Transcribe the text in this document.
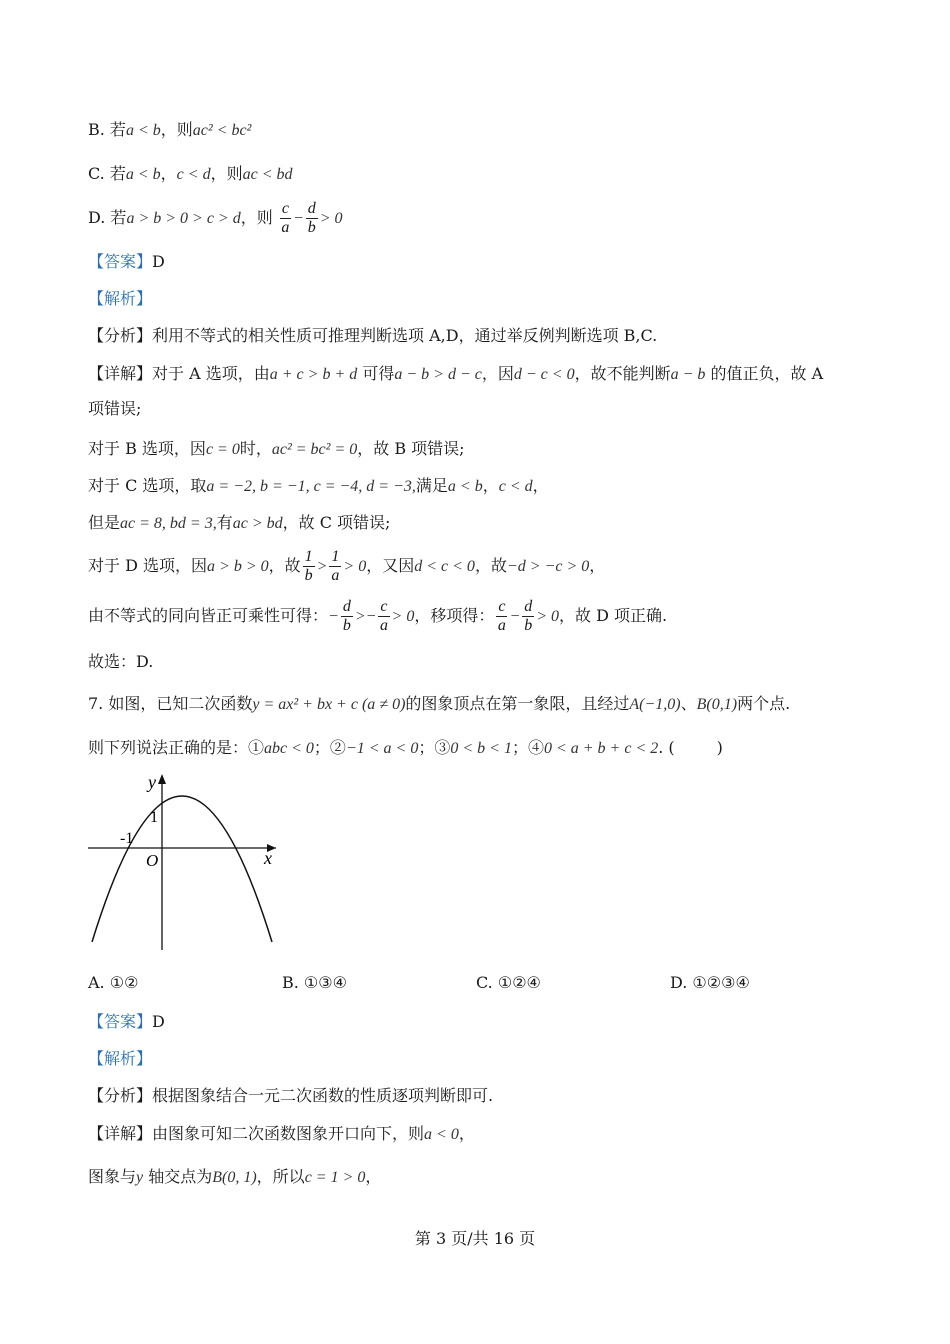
B. 若a < b，则ac² < bc²
C. 若a < b，c < d，则ac < bd
D. 若a > b > 0 > c > d，则 $\frac{c}{a} - \frac{d}{b} > 0$
【答案】D
【解析】
【分析】利用不等式的相关性质可推理判断选项 A,D，通过举反例判断选项 B,C.
【详解】对于 A 选项，由a + c > b + d 可得a − b > d − c，因d − c < 0，故不能判断a − b 的值正负，故 A
项错误;
对于 B 选项，因c = 0时，ac² = bc² = 0，故 B 项错误;
对于 C 选项，取a = −2, b = −1, c = −4, d = −3,满足a < b，c < d，
但是ac = 8, bd = 3,有ac > bd，故 C 项错误;
对于 D 选项，因a > b > 0，故 $\frac{1}{b} > \frac{1}{a} > 0$，又因d < c < 0，故−d > −c > 0，
由不等式的同向皆正可乘性可得：− $\frac{d}{b} >- \frac{c}{a} > 0$，移项得： $\frac{c}{a} - \frac{d}{b} > 0$，故 D 项正确.
故选：D.
7. 如图，已知二次函数y = ax² + bx + c (a ≠ 0)的图象顶点在第一象限，且经过A(−1,0)、B(0,1)两个点.
则下列说法正确的是：①abc < 0；②−1 < a < 0；③0 < b < 1；④0 < a + b + c < 2. (	)
y
x
1
-1
O
A. ①②	B. ①③④	C. ①②④	D. ①②③④
【答案】D
【解析】
【分析】根据图象结合一元二次函数的性质逐项判断即可.
【详解】由图象可知二次函数图象开口向下，则a < 0，
图象与y 轴交点为B(0, 1)，所以c = 1 > 0，
第 3 页/共 16 页
